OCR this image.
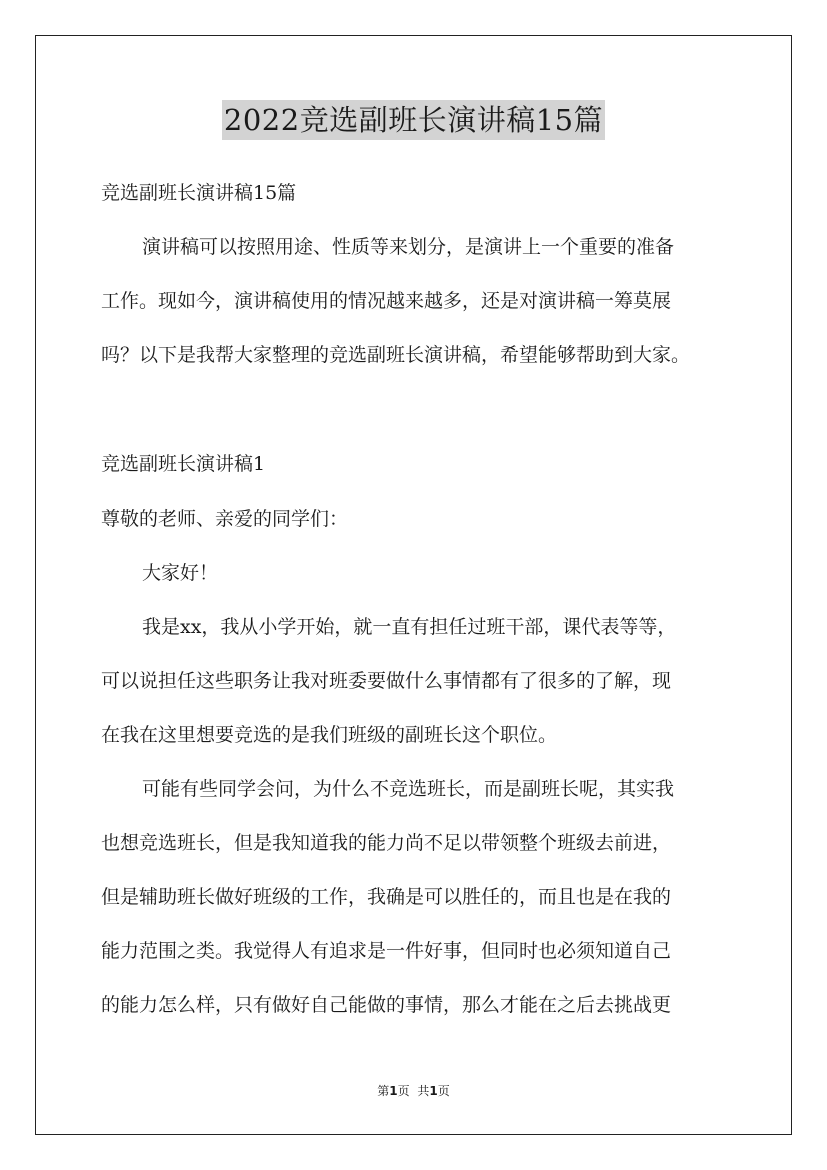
2022竞选副班长演讲稿15篇
竞选副班长演讲稿15篇
演讲稿可以按照用途、性质等来划分，是演讲上一个重要的准备
工作。现如今，演讲稿使用的情况越来越多，还是对演讲稿一筹莫展
吗？以下是我帮大家整理的竞选副班长演讲稿，希望能够帮助到大家。
竞选副班长演讲稿1
尊敬的老师、亲爱的同学们：
大家好！
我是xx，我从小学开始，就一直有担任过班干部，课代表等等，
可以说担任这些职务让我对班委要做什么事情都有了很多的了解，现
在我在这里想要竞选的是我们班级的副班长这个职位。
可能有些同学会问，为什么不竞选班长，而是副班长呢，其实我
也想竞选班长，但是我知道我的能力尚不足以带领整个班级去前进，
但是辅助班长做好班级的工作，我确是可以胜任的，而且也是在我的
能力范围之类。我觉得人有追求是一件好事，但同时也必须知道自己
的能力怎么样，只有做好自己能做的事情，那么才能在之后去挑战更
第1页 共1页
